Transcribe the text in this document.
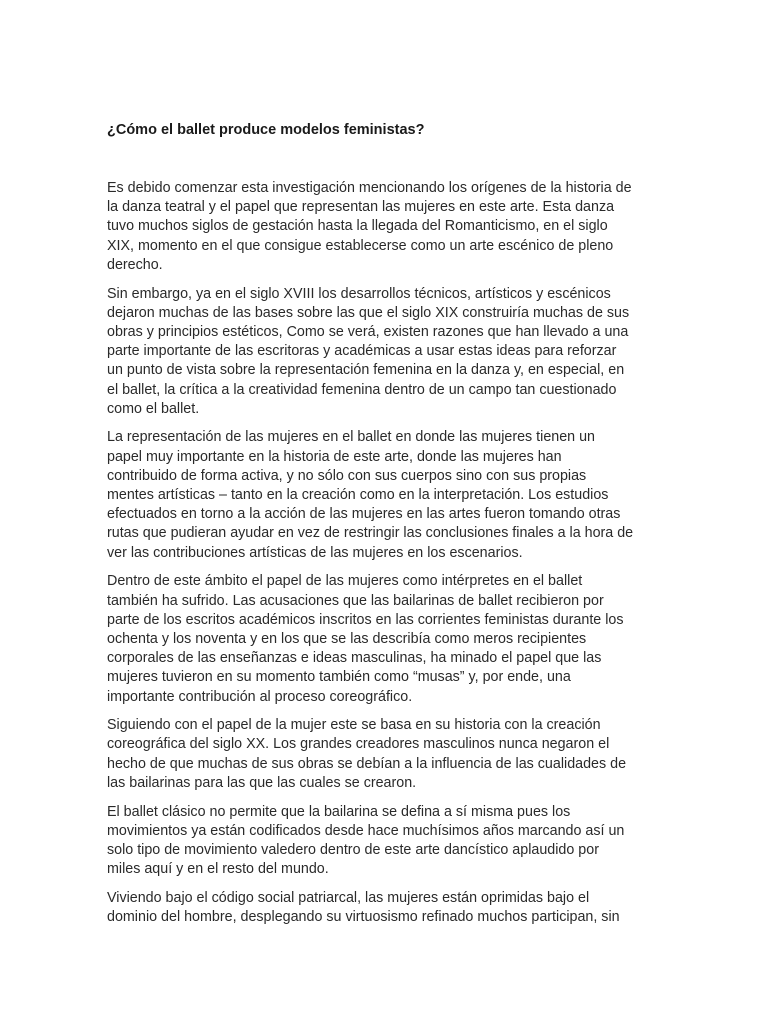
¿Cómo el ballet produce modelos feministas?

Es debido comenzar esta investigación mencionando los orígenes de la historia de
la danza teatral y el papel que representan las mujeres en este arte. Esta danza
tuvo muchos siglos de gestación hasta la llegada del Romanticismo, en el siglo
XIX, momento en el que consigue establecerse como un arte escénico de pleno
derecho.

Sin embargo, ya en el siglo XVIII los desarrollos técnicos, artísticos y escénicos
dejaron muchas de las bases sobre las que el siglo XIX construiría muchas de sus
obras y principios estéticos, Como se verá, existen razones que han llevado a una
parte importante de las escritoras y académicas a usar estas ideas para reforzar
un punto de vista sobre la representación femenina en la danza y, en especial, en
el ballet, la crítica a la creatividad femenina dentro de un campo tan cuestionado
como el ballet.

La representación de las mujeres en el ballet en donde las mujeres tienen un
papel muy importante en la historia de este arte, donde las mujeres han
contribuido de forma activa, y no sólo con sus cuerpos sino con sus propias
mentes artísticas – tanto en la creación como en la interpretación. Los estudios
efectuados en torno a la acción de las mujeres en las artes fueron tomando otras
rutas que pudieran ayudar en vez de restringir las conclusiones finales a la hora de
ver las contribuciones artísticas de las mujeres en los escenarios.

Dentro de este ámbito el papel de las mujeres como intérpretes en el ballet
también ha sufrido. Las acusaciones que las bailarinas de ballet recibieron por
parte de los escritos académicos inscritos en las corrientes feministas durante los
ochenta y los noventa y en los que se las describía como meros recipientes
corporales de las enseñanzas e ideas masculinas, ha minado el papel que las
mujeres tuvieron en su momento también como “musas” y, por ende, una
importante contribución al proceso coreográfico.

Siguiendo con el papel de la mujer este se basa en su historia con la creación
coreográfica del siglo XX. Los grandes creadores masculinos nunca negaron el
hecho de que muchas de sus obras se debían a la influencia de las cualidades de
las bailarinas para las que las cuales se crearon.

El ballet clásico no permite que la bailarina se defina a sí misma pues los
movimientos ya están codificados desde hace muchísimos años marcando así un
solo tipo de movimiento valedero dentro de este arte dancístico aplaudido por
miles aquí y en el resto del mundo.

Viviendo bajo el código social patriarcal, las mujeres están oprimidas bajo el
dominio del hombre, desplegando su virtuosismo refinado muchos participan, sin
